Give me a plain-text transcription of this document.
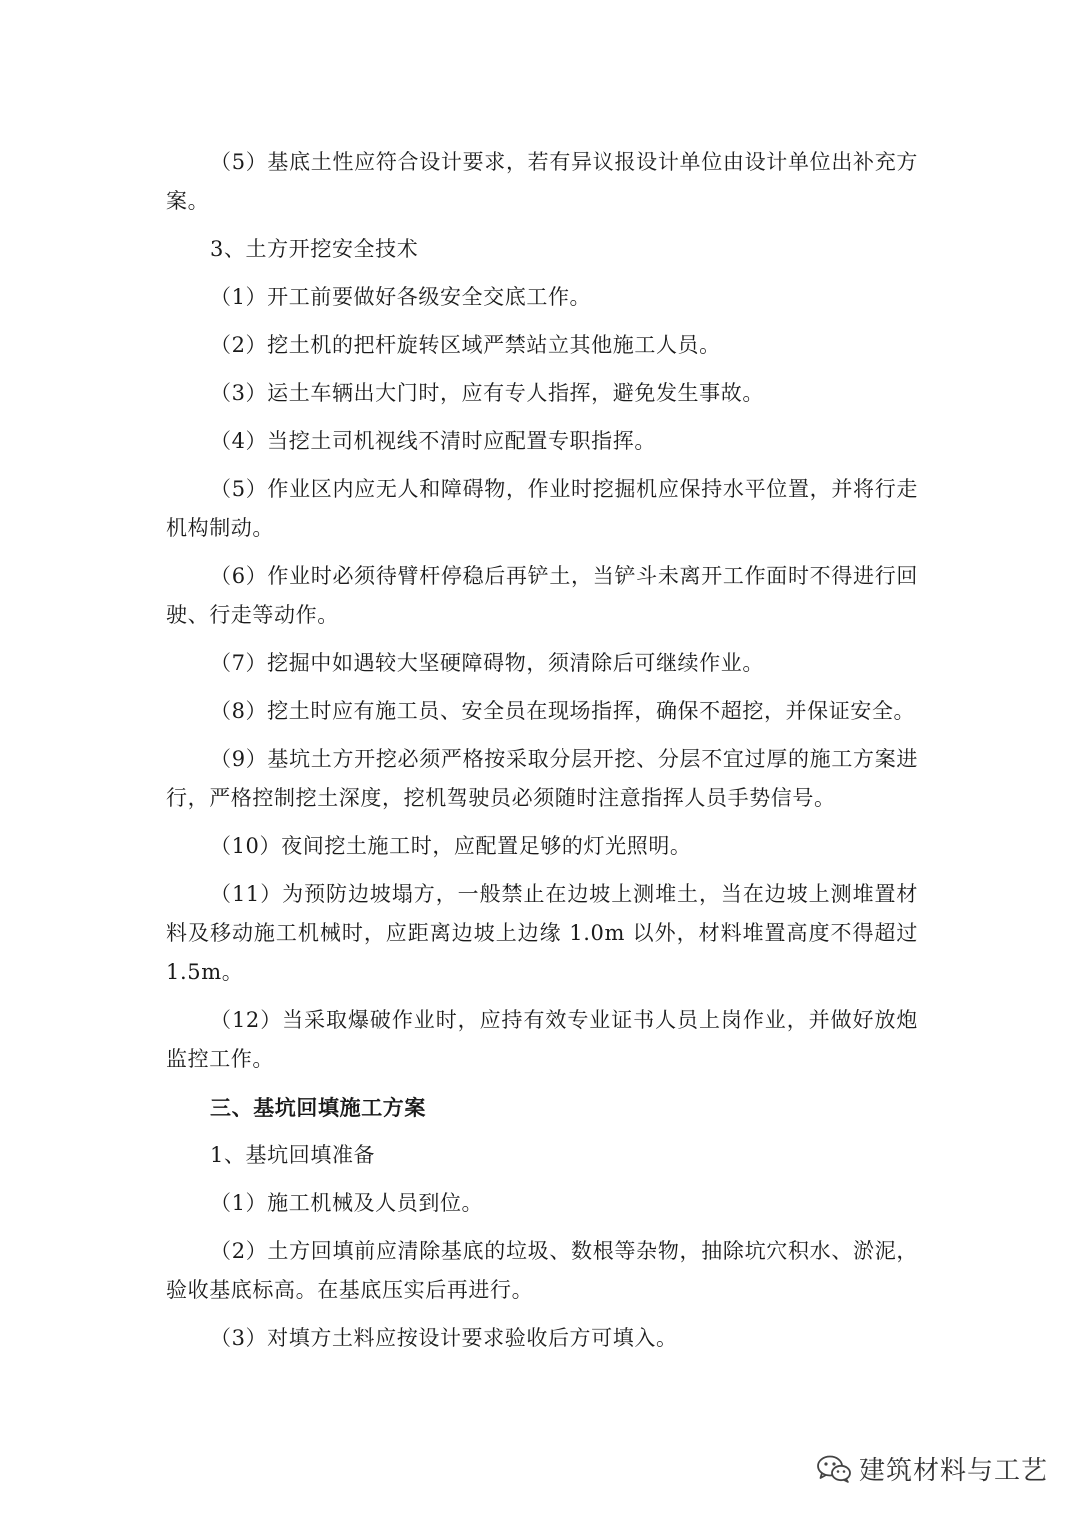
（5）基底土性应符合设计要求，若有异议报设计单位由设计单位出补充方案。

3、土方开挖安全技术

（1）开工前要做好各级安全交底工作。

（2）挖土机的把杆旋转区域严禁站立其他施工人员。

（3）运土车辆出大门时，应有专人指挥，避免发生事故。

（4）当挖土司机视线不清时应配置专职指挥。

（5）作业区内应无人和障碍物，作业时挖掘机应保持水平位置，并将行走机构制动。

（6）作业时必须待臂杆停稳后再铲土，当铲斗未离开工作面时不得进行回驶、行走等动作。

（7）挖掘中如遇较大坚硬障碍物，须清除后可继续作业。

（8）挖土时应有施工员、安全员在现场指挥，确保不超挖，并保证安全。

（9）基坑土方开挖必须严格按采取分层开挖、分层不宜过厚的施工方案进行，严格控制挖土深度，挖机驾驶员必须随时注意指挥人员手势信号。

（10）夜间挖土施工时，应配置足够的灯光照明。

（11）为预防边坡塌方，一般禁止在边坡上测堆土，当在边坡上测堆置材料及移动施工机械时，应距离边坡上边缘 1.0m 以外，材料堆置高度不得超过1.5m。

（12）当采取爆破作业时，应持有效专业证书人员上岗作业，并做好放炮监控工作。

三、基坑回填施工方案

1、基坑回填准备

（1）施工机械及人员到位。

（2）土方回填前应清除基底的垃圾、数根等杂物，抽除坑穴积水、淤泥，验收基底标高。在基底压实后再进行。

（3）对填方土料应按设计要求验收后方可填入。

建筑材料与工艺
